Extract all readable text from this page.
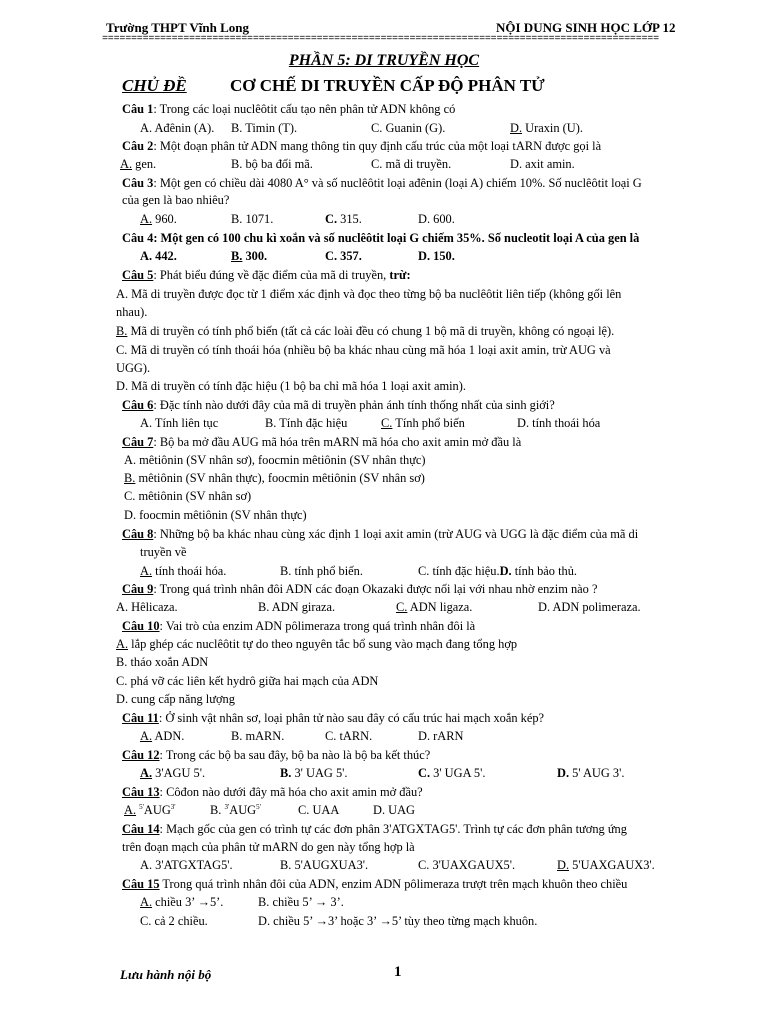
Trường THPT Vĩnh Long	NỘI DUNG SINH HỌC LỚP 12
================================================================================================
PHẦN 5: DI TRUYỀN HỌC
CHỦ ĐỀ	CƠ CHẾ DI TRUYỀN CẤP ĐỘ PHÂN TỬ
Câu 1: Trong các loại nuclêôtit cấu tạo nên phân tử ADN không có
A. Ađênin (A). B. Timin (T).	C. Guanin (G).	D. Uraxin (U).
Câu 2: Một đoạn phân tử ADN mang thông tin quy định cấu trúc của một loại tARN được gọi là
A. gen.	B. bộ ba đối mã.	C. mã di truyền.	D. axit amin.
Câu 3: Một gen có chiều dài 4080 A° và số nuclêôtit loại ađênin (loại A) chiếm 10%. Số nuclêôtit loại G
của gen là bao nhiêu?
A. 960.	B. 1071.	C. 315.	D. 600.
Câu 4: Một gen có 100 chu kì xoắn và số nuclêôtit loại G chiếm 35%. Số nucleotit loại A của gen là
A. 442.	B. 300.	C. 357.	D. 150.
Câu 5: Phát biểu đúng về đặc điểm của mã di truyền, trừ:
A. Mã di truyền được đọc từ 1 điểm xác định và đọc theo từng bộ ba nuclêôtit liên tiếp (không gối lên
nhau).
B. Mã di truyền có tính phổ biến (tất cả các loài đều có chung 1 bộ mã di truyền, không có ngoại lệ).
C. Mã di truyền có tính thoái hóa (nhiều bộ ba khác nhau cùng mã hóa 1 loại axit amin, trừ AUG và
UGG).
D. Mã di truyền có tính đặc hiệu (1 bộ ba chỉ mã hóa 1 loại axit amin).
Câu 6: Đặc tính nào dưới đây của mã di truyền phản ánh tính thống nhất của sinh giới?
A. Tính liên tục	B. Tính đặc hiệu	C. Tính phổ biến	D. tính thoái hóa
Câu 7: Bộ ba mở đầu AUG mã hóa trên mARN mã hóa cho axit amin mở đầu là
A. mêtiônin (SV nhân sơ), foocmin mêtiônin (SV nhân thực)
B. mêtiônin (SV nhân thực), foocmin mêtiônin (SV nhân sơ)
C. mêtiônin (SV nhân sơ)
D. foocmin mêtiônin (SV nhân thực)
Câu 8: Những bộ ba khác nhau cùng xác định 1 loại axit amin (trừ AUG và UGG là đặc điểm của mã di
truyền về
A. tính thoái hóa.	B. tính phổ biến.	C. tính đặc hiệu.D. tính bảo thủ.
Câu 9: Trong quá trình nhân đôi ADN các đoạn Okazaki được nối lại với nhau nhờ enzim nào ?
A. Hêlicaza.	B. ADN giraza.	C. ADN ligaza.	D. ADN polimeraza.
Câu 10: Vai trò của enzim ADN pôlimeraza trong quá trình nhân đôi là
A. lắp ghép các nuclêôtit tự do theo nguyên tắc bổ sung vào mạch đang tổng hợp
B. tháo xoắn ADN
C. phá vỡ các liên kết hydrô giữa hai mạch của ADN
D. cung cấp năng lượng
Câu 11: Ở sinh vật nhân sơ, loại phân tử nào sau đây có cấu trúc hai mạch xoắn kép?
A. ADN.	B. mARN.	C. tARN.	D. rARN
Câu 12: Trong các bộ ba sau đây, bộ ba nào là bộ ba kết thúc?
A. 3'AGU 5'.	B. 3' UAG 5'.	C. 3' UGA 5'.	D. 5' AUG 3'.
Câu 13: Côđon nào dưới đây mã hóa cho axit amin mở đầu?
A. $^{5'}AUG^{3'}$	B. $^{3'}AUG^{5'}$	C. UAA	D. UAG
Câu 14: Mạch gốc của gen có trình tự các đơn phân 3'ATGXTAG5'. Trình tự các đơn phân tương ứng
trên đoạn mạch của phân tử mARN do gen này tổng hợp là
A. 3'ATGXTAG5'.	B. 5'AUGXUA3'.	C. 3'UAXGAUX5'.	D. 5'UAXGAUX3'.
Câu 15 Trong quá trình nhân đôi của ADN, enzim ADN pôlimeraza trượt trên mạch khuôn theo chiều
A. chiều 3’ →5’.	B. chiều 5’ → 3’.
C. cả 2 chiều.	D. chiều 5’ →3’ hoặc 3’ →5’ tùy theo từng mạch khuôn.
Lưu hành nội bộ	1
